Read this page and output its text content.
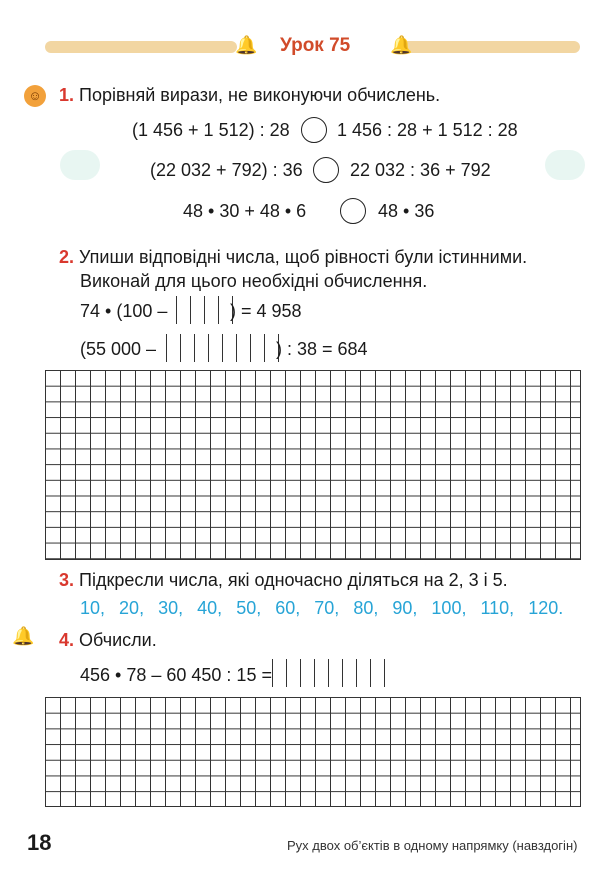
🔔 Урок 75 🔔
☺ 1. Порівняй вирази, не виконуючи обчислень.
(1 456 + 1 512) : 28	1 456 : 28 + 1 512 : 28
(22 032 + 792) : 36	22 032 : 36 + 792
48 • 30 + 48 • 6	48 • 36
2. Упиши відповідні числа, щоб рівності були істинними.
Виконай для цього необхідні обчислення.
74 • (100 –	) = 4 958
(55 000 –	) : 38 = 684
3. Підкресли числа, які одночасно діляться на 2, 3 і 5.
10, 20, 30, 40, 50, 60, 70, 80, 90, 100, 110, 120.
🔔 4. Обчисли.
456 • 78 – 60 450 : 15 =
18	Рух двох об’єктів в одному напрямку (навздогін)
